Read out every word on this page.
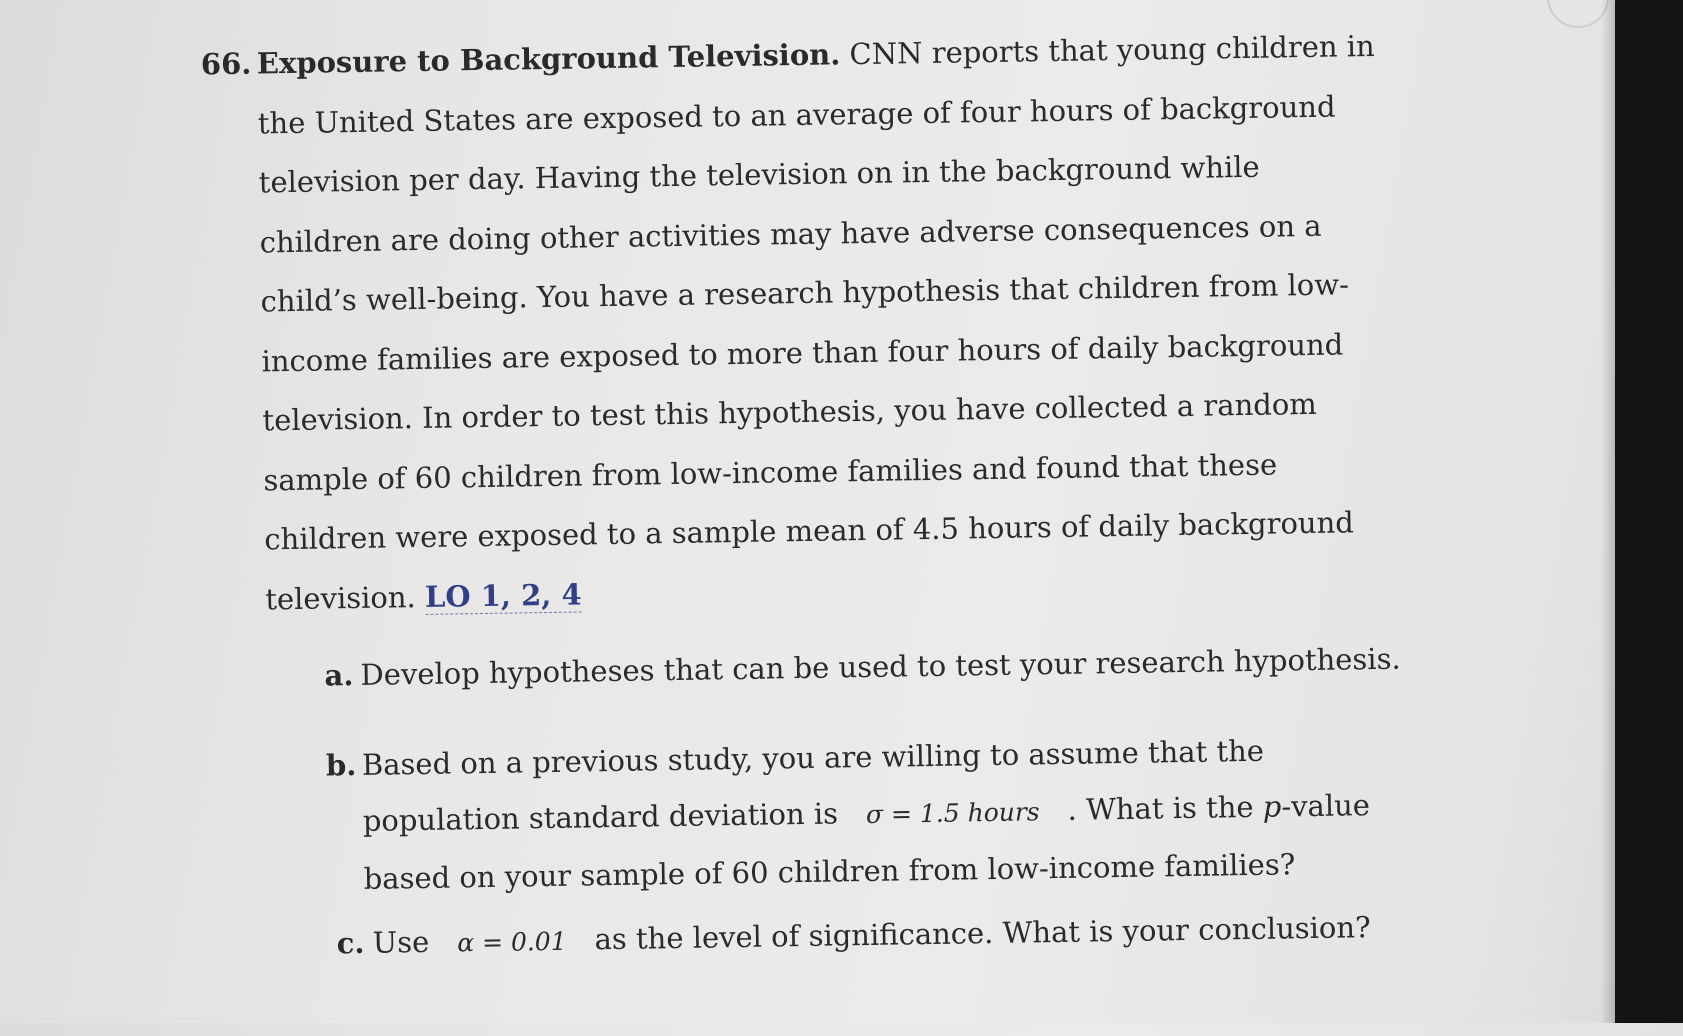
66. Exposure to Background Television. CNN reports that young children in
the United States are exposed to an average of four hours of background
television per day. Having the television on in the background while
children are doing other activities may have adverse consequences on a
child’s well-being. You have a research hypothesis that children from low-
income families are exposed to more than four hours of daily background
television. In order to test this hypothesis, you have collected a random
sample of 60 children from low-income families and found that these
children were exposed to a sample mean of 4.5 hours of daily background
television. LO 1, 2, 4
a. Develop hypotheses that can be used to test your research hypothesis.
b. Based on a previous study, you are willing to assume that the
population standard deviation is σ = 1.5 hours . What is the p-value
based on your sample of 60 children from low-income families?
c. Use α = 0.01 as the level of significance. What is your conclusion?
